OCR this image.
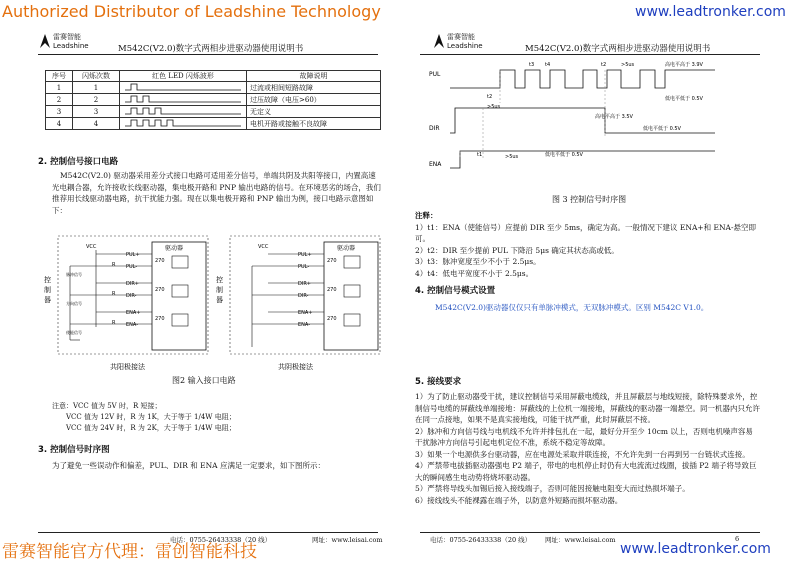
Authorized Distributor of Leadshine Technology	www.leadtronker.com
雷赛智能官方代理：雷创智能科技	www.leadtronker.com
雷赛智能
Leadshine	M542C(V2.0)数字式两相步进驱动器使用说明书
序号	闪烁次数	红色 LED 闪烁波形	故障说明
1	1		过流或相间短路故障
2	2		过压故障（电压>60）
3	3		无定义
4	4		电机开路或接触不良故障
2. 控制信号接口电路
M542C(V2.0) 驱动器采用差分式接口电路可适用差分信号，单端共阴及共阳等接口，内置高速光电耦合器，允许接收长线驱动器，集电极开路和 PNP 输出电路的信号。在环境恶劣的场合，我们推荐用长线驱动器电路，抗干扰能力强。现在以集电极开路和 PNP 输出为例，接口电路示意图如下：
驱动器
VCC
PUL+
DIR+
ENA+
R
R
R
PUL-
DIR-
ENA-
270
270
270
控
制
器
脉冲信号
方向信号
使能信号
共阳极接法
驱动器
VCC
PUL+
DIR+
ENA+
PUL-
DIR-
ENA-
270
270
270
控
制
器
共阴极接法
图2 输入接口电路
注意：VCC 值为 5V 时，R 短接；
VCC 值为 12V 时，R 为 1K，大于等于 1/4W 电阻；
VCC 值为 24V 时，R 为 2K，大于等于 1/4W 电阻；
3. 控制信号时序图
为了避免一些误动作和偏差，PUL、DIR 和 ENA 应满足一定要求，如下图所示：
电话：0755-26433338（20 线）	网址：www.leisai.com
雷赛智能
Leadshine	M542C(V2.0)数字式两相步进驱动器使用说明书
PUL
DIR
ENA
t3 t4	t2	>5us	高电平高于 3.9V
低电平低于 0.5V
t2
>5us
高电平高于 3.5V
低电平低于 0.5V
t1	>5us	低电平低于 0.5V
图 3 控制信号时序图
注释：
1）t1：ENA（使能信号）应提前 DIR 至少 5ms，确定为高。一般情况下建议 ENA+和 ENA-悬空即可。
2）t2：DIR 至少提前 PUL 下降沿 5μs 确定其状态高或低。
3）t3：脉冲宽度至少不小于 2.5μs。
4）t4：低电平宽度不小于 2.5μs。
4. 控制信号模式设置
M542C(V2.0)驱动器仅仅只有单脉冲模式，无双脉冲模式。区别 M542C V1.0。
5. 接线要求
1）为了防止驱动器受干扰，建议控制信号采用屏蔽电缆线，并且屏蔽层与地线短接，除特殊要求外，控制信号电缆的屏蔽线单端接地：屏蔽线的上位机一端接地，屏蔽线的驱动器一端悬空。同一机器内只允许在同一点接地，如果不是真实接地线，可能干扰严重，此时屏蔽层不接。
2）脉冲和方向信号线与电机线不允许并排包扎在一起，最好分开至少 10cm 以上，否则电机噪声容易干扰脉冲方向信号引起电机定位不准，系统不稳定等故障。
3）如果一个电源供多台驱动器，应在电源处采取并联连接，不允许先到一台再到另一台链状式连接。
4）严禁带电拔插驱动器强电 P2 端子，带电的电机停止时仍有大电流流过线圈，拔插 P2 端子将导致巨大的瞬间感生电动势将烧坏驱动器。
5）严禁将导线头加锡后接入接线端子，否则可能因接触电阻变大而过热损坏端子。
6）接线线头不能裸露在端子外，以防意外短路而损坏驱动器。
电话：0755-26433338（20 线） 网址：www.leisai.com	6
